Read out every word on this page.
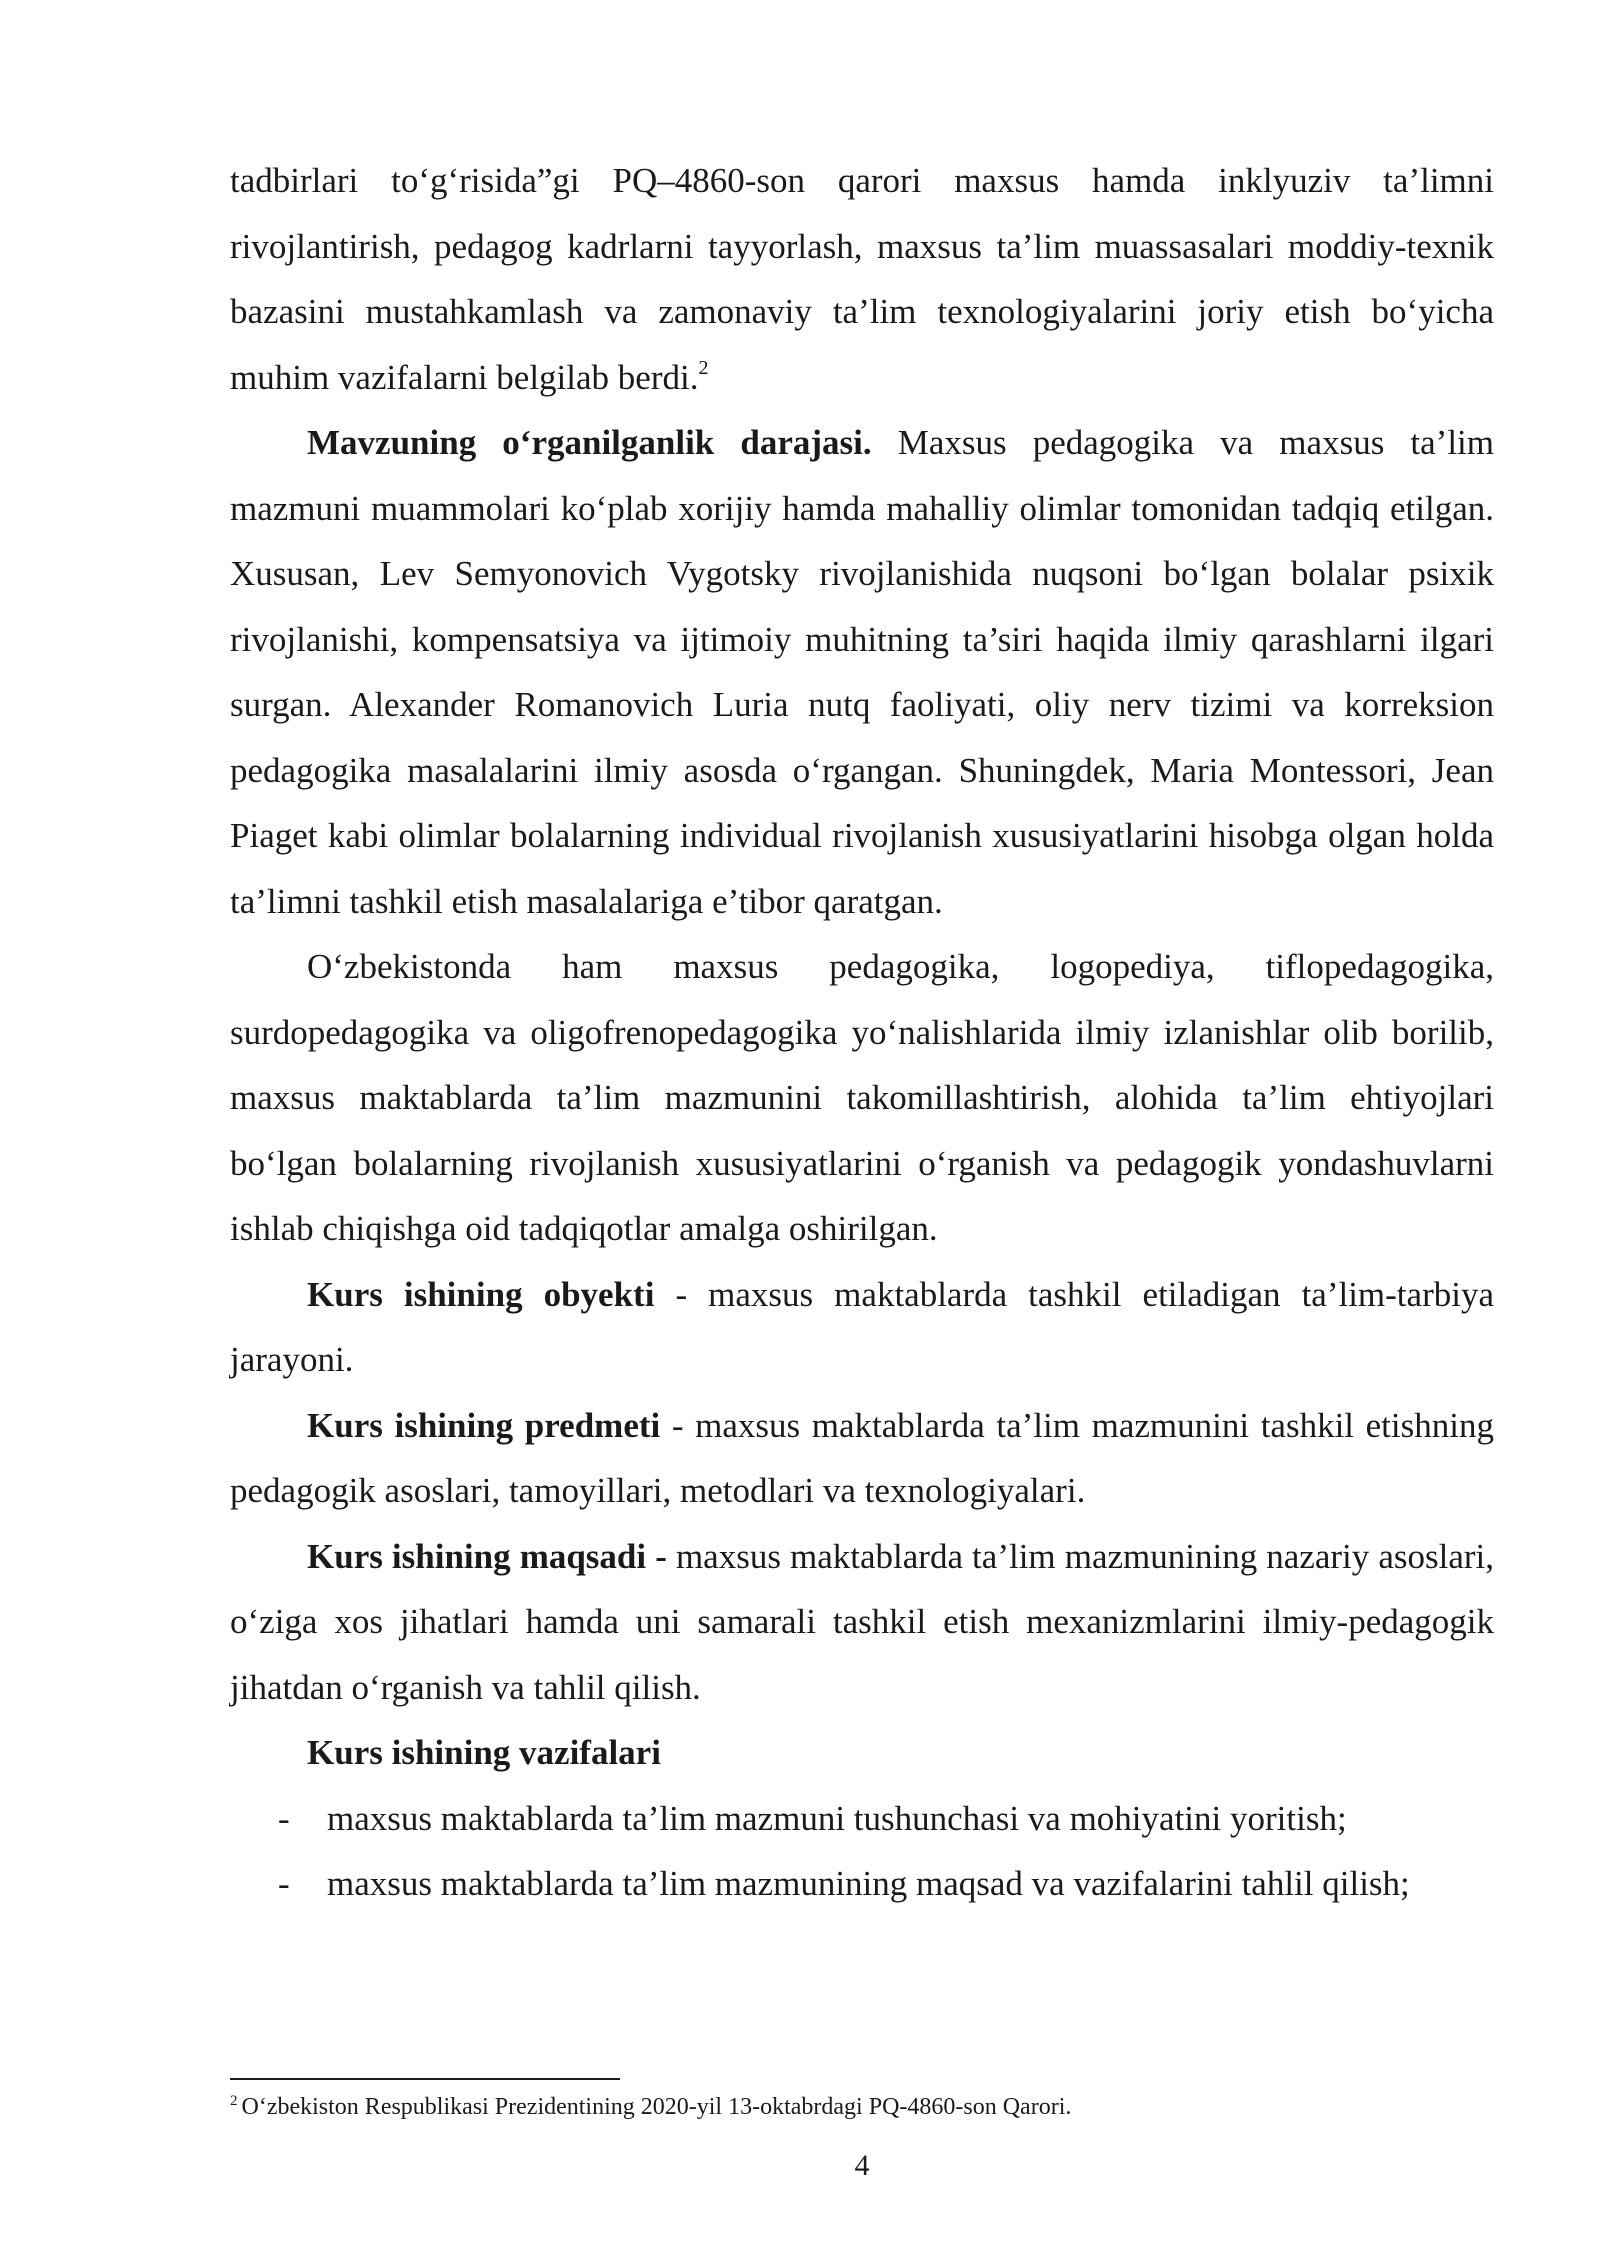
tadbirlari to‘g‘risida”gi PQ–4860-son qarori maxsus hamda inklyuziv ta’limni rivojlantirish, pedagog kadrlarni tayyorlash, maxsus ta’lim muassasalari moddiy-texnik bazasini mustahkamlash va zamonaviy ta’lim texnologiyalarini joriy etish bo‘yicha muhim vazifalarni belgilab berdi.$^2$

Mavzuning o‘rganilganlik darajasi. Maxsus pedagogika va maxsus ta’lim mazmuni muammolari ko‘plab xorijiy hamda mahalliy olimlar tomonidan tadqiq etilgan. Xususan, Lev Semyonovich Vygotsky rivojlanishida nuqsoni bo‘lgan bolalar psixik rivojlanishi, kompensatsiya va ijtimoiy muhitning ta’siri haqida ilmiy qarashlarni ilgari surgan. Alexander Romanovich Luria nutq faoliyati, oliy nerv tizimi va korreksion pedagogika masalalarini ilmiy asosda o‘rgangan. Shuningdek, Maria Montessori, Jean Piaget kabi olimlar bolalarning individual rivojlanish xususiyatlarini hisobga olgan holda ta’limni tashkil etish masalalariga e’tibor qaratgan.

O‘zbekistonda ham maxsus pedagogika, logopediya, tiflopedagogika, surdopedagogika va oligofrenopedagogika yo‘nalishlarida ilmiy izlanishlar olib borilib, maxsus maktablarda ta’lim mazmunini takomillashtirish, alohida ta’lim ehtiyojlari bo‘lgan bolalarning rivojlanish xususiyatlarini o‘rganish va pedagogik yondashuvlarni ishlab chiqishga oid tadqiqotlar amalga oshirilgan.

Kurs ishining obyekti - maxsus maktablarda tashkil etiladigan ta’lim-tarbiya jarayoni.

Kurs ishining predmeti - maxsus maktablarda ta’lim mazmunini tashkil etishning pedagogik asoslari, tamoyillari, metodlari va texnologiyalari.

Kurs ishining maqsadi - maxsus maktablarda ta’lim mazmunining nazariy asoslari, o‘ziga xos jihatlari hamda uni samarali tashkil etish mexanizmlarini ilmiy-pedagogik jihatdan o‘rganish va tahlil qilish.

Kurs ishining vazifalari

- maxsus maktablarda ta’lim mazmuni tushunchasi va mohiyatini yoritish;
- maxsus maktablarda ta’lim mazmunining maqsad va vazifalarini tahlil qilish;
$^2$ O‘zbekiston Respublikasi Prezidentining 2020-yil 13-oktabrdagi PQ-4860-son Qarori.
4
